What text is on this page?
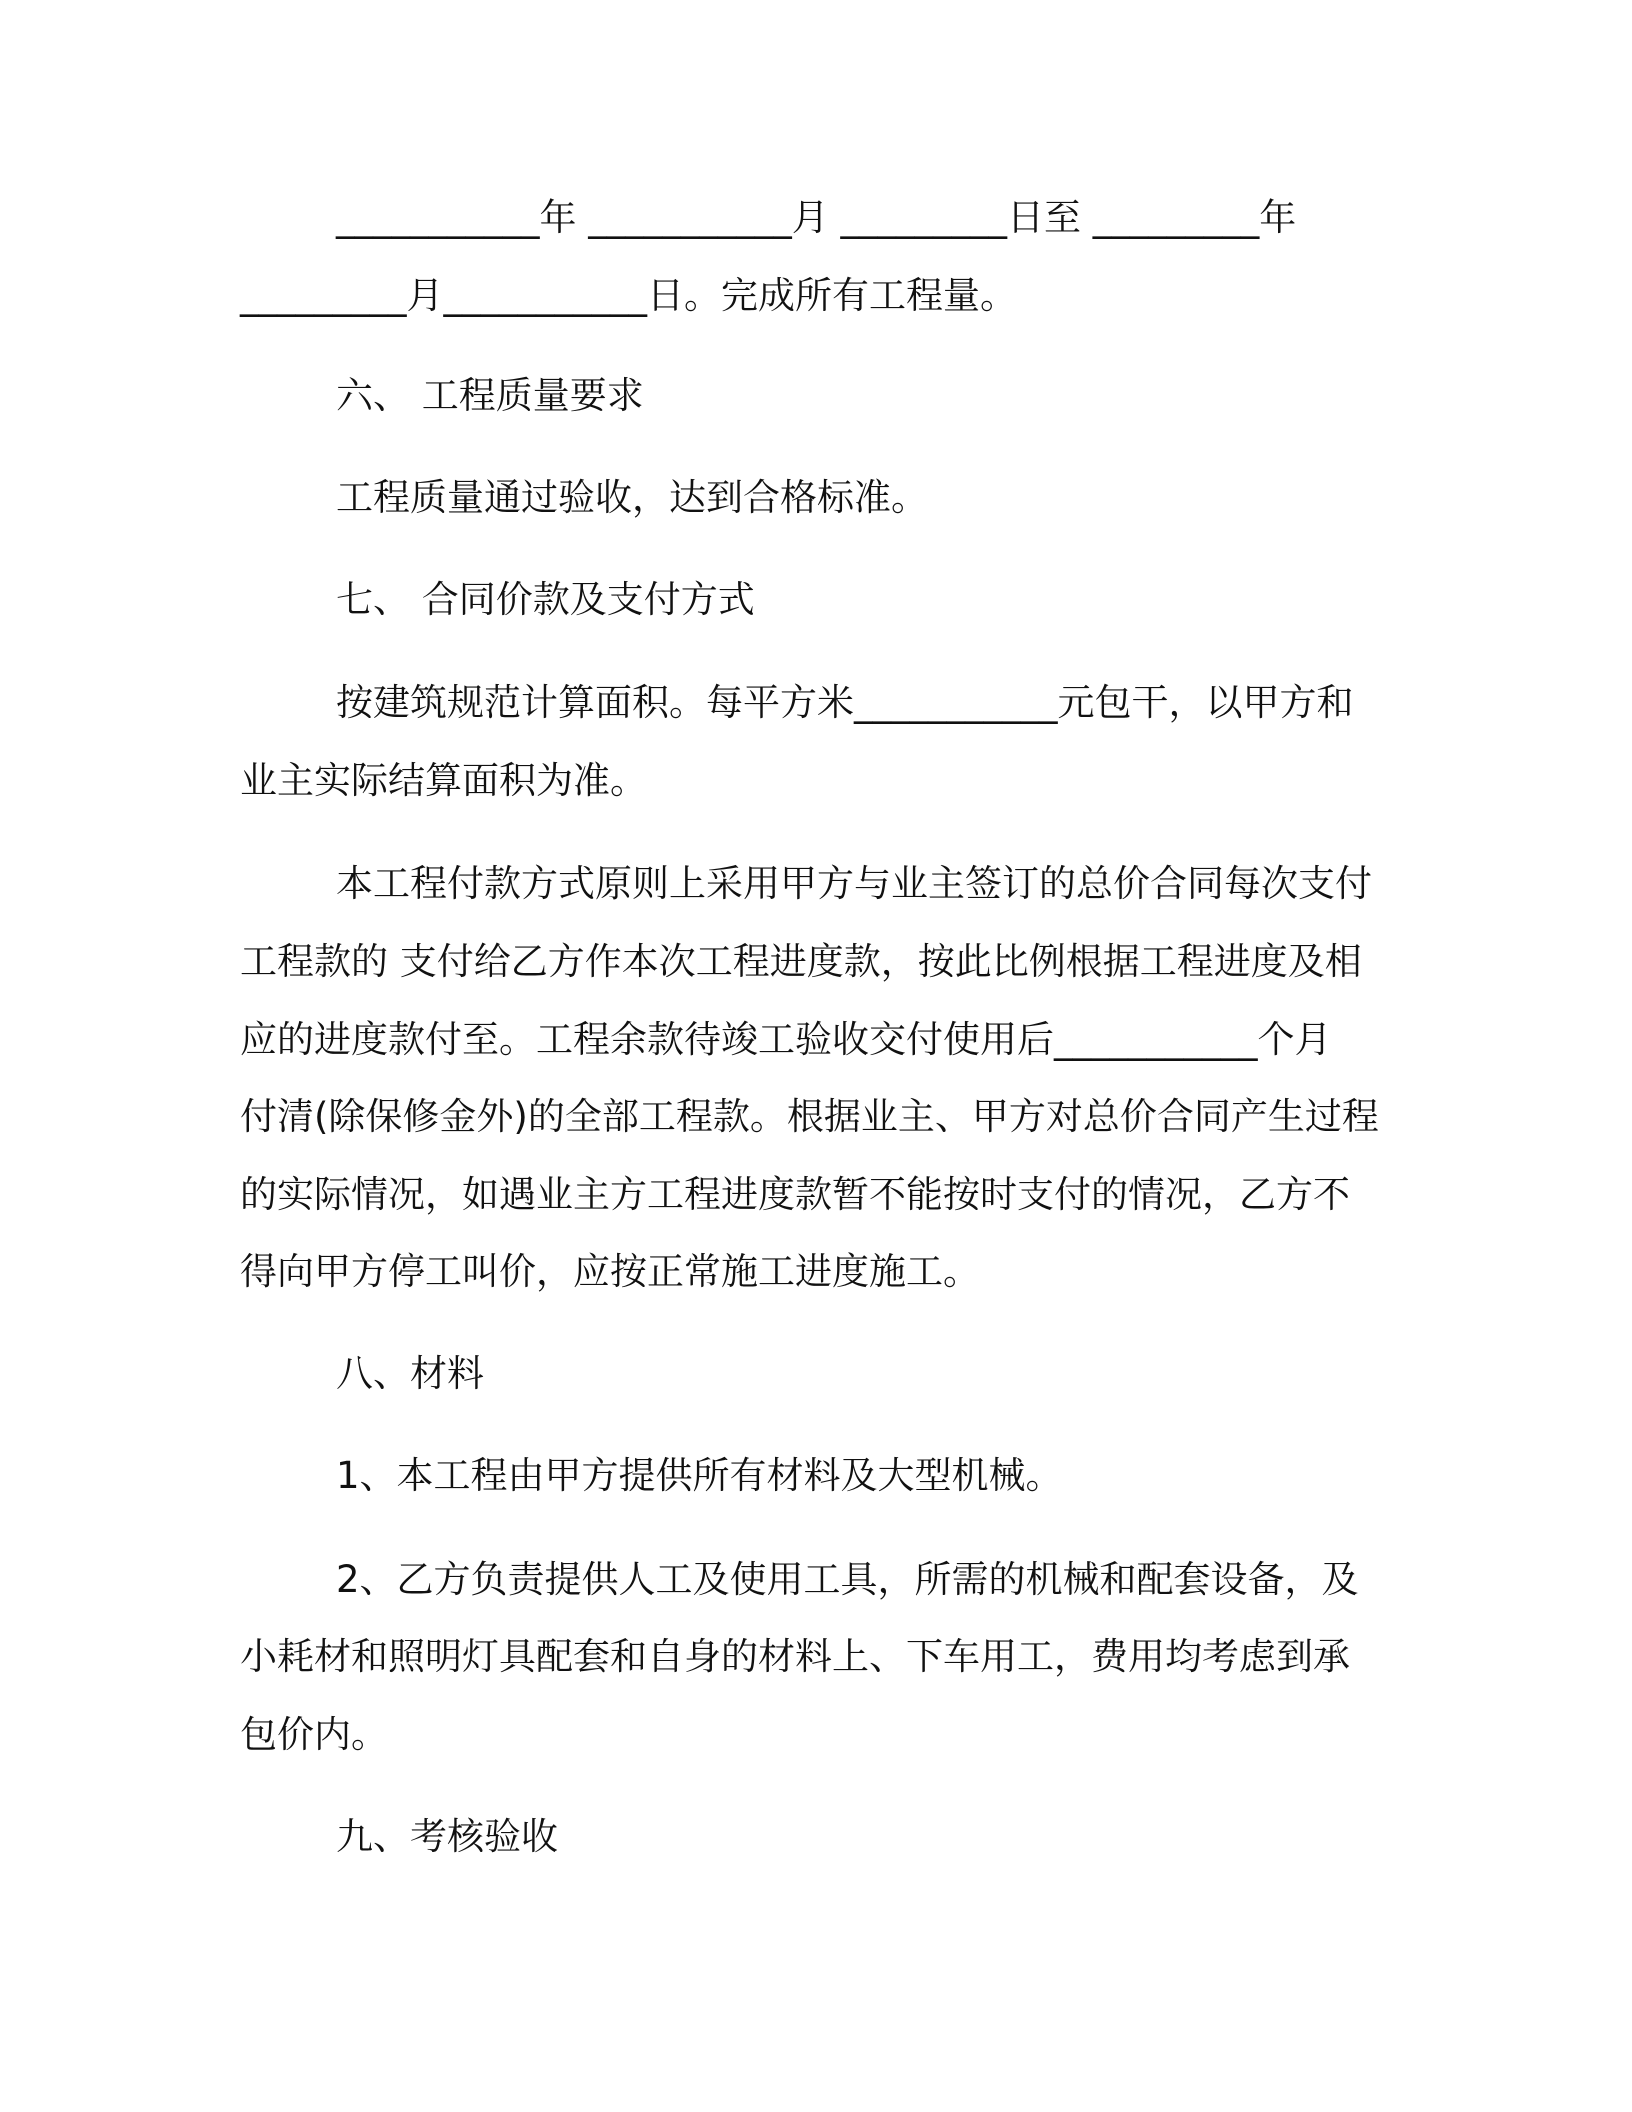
___________年 ___________月 _________日至 _________年
_________月___________日。完成所有工程量。
六、 工程质量要求
工程质量通过验收，达到合格标准。
七、 合同价款及支付方式
按建筑规范计算面积。每平方米___________元包干，以甲方和
业主实际结算面积为准。
本工程付款方式原则上采用甲方与业主签订的总价合同每次支付
工程款的 支付给乙方作本次工程进度款，按此比例根据工程进度及相
应的进度款付至。工程余款待竣工验收交付使用后___________个月
付清(除保修金外)的全部工程款。根据业主、甲方对总价合同产生过程
的实际情况，如遇业主方工程进度款暂不能按时支付的情况，乙方不
得向甲方停工叫价，应按正常施工进度施工。
八、材料
1、本工程由甲方提供所有材料及大型机械。
2、乙方负责提供人工及使用工具，所需的机械和配套设备，及
小耗材和照明灯具配套和自身的材料上、下车用工，费用均考虑到承
包价内。
九、考核验收
